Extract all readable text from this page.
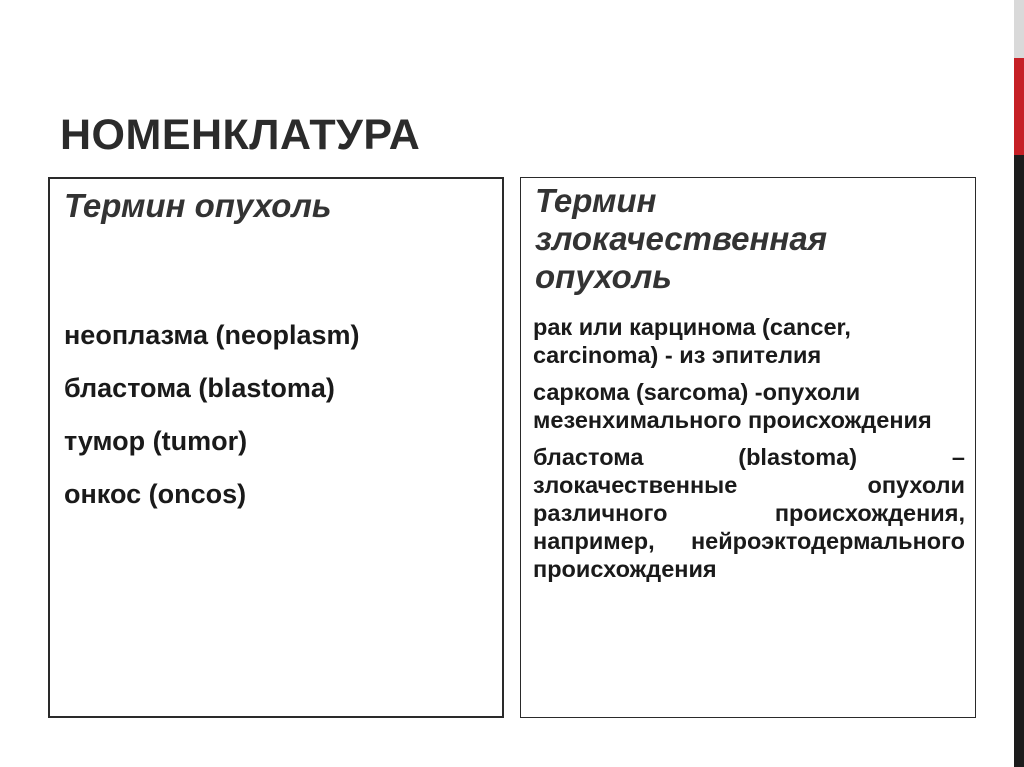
НОМЕНКЛАТУРА
Термин опухоль
неоплазма (neoplasm)
бластома (blastoma)
тумор (tumor)
онкос (oncos)
Термин
злокачественная
опухоль
рак или карцинома (cancer, carcinoma) - из эпителия
саркома (sarcoma) -опухоли мезенхимального происхождения
бластома (blastoma) – злокачественные опухоли различного происхождения, например, нейроэктодермального происхождения
